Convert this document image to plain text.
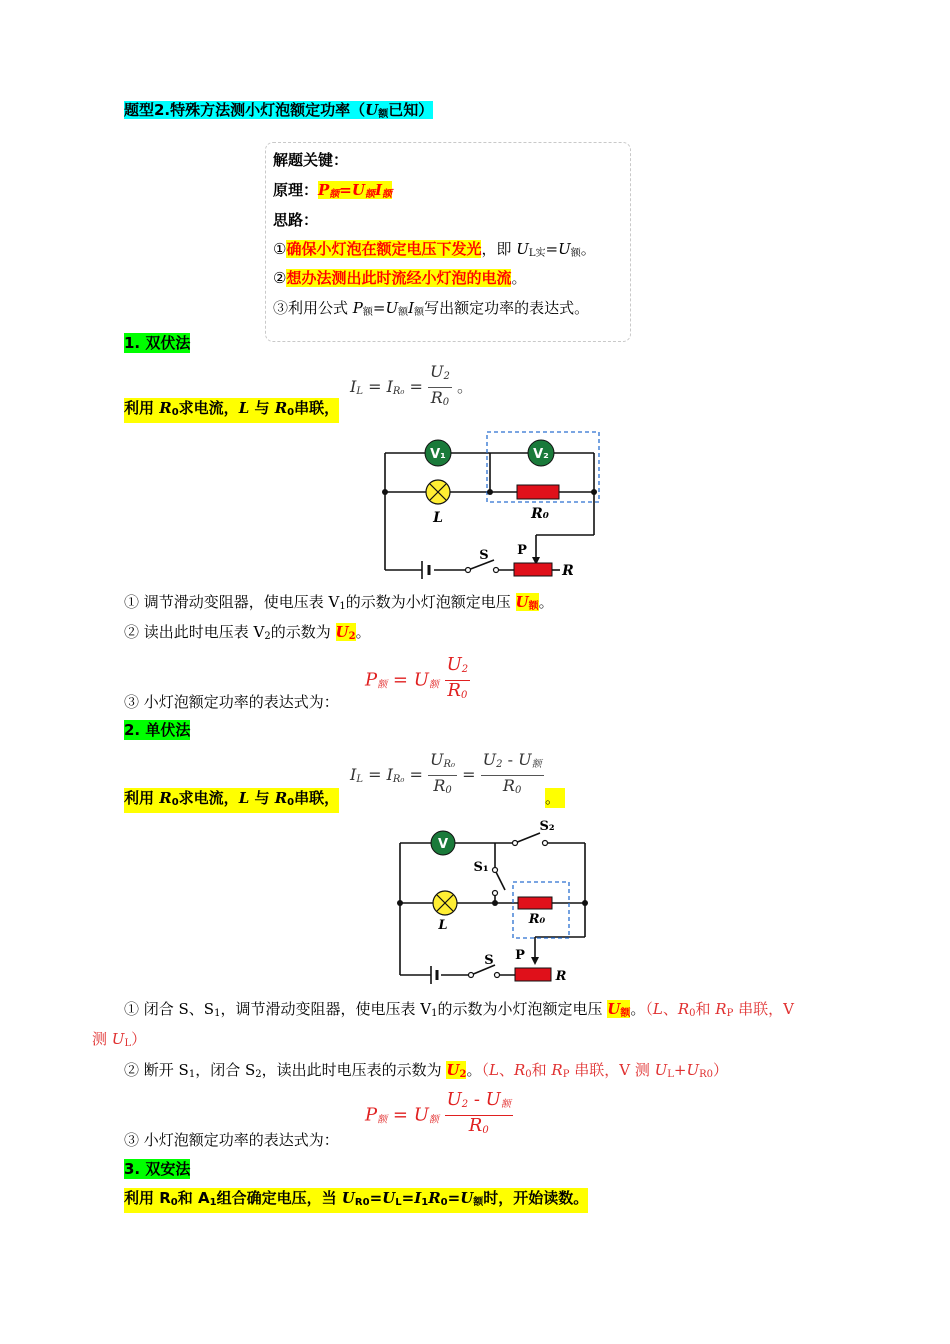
题型2.特殊方法测小灯泡额定功率（$U_额$已知）
解题关键：
原理：$P_额=U_额I_额$
思路：
①确保小灯泡在额定电压下发光，即 $U_{L实}=U_额$。
②想办法测出此时流经小灯泡的电流。
③利用公式 $P_额=U_额I_额$写出额定功率的表达式。
1. 双伏法
$I_L = I_{R_0} = \frac{U_2}{R_0}$ 。
利用 $R_0$求电流，L 与 $R_0$串联，
V₁	V₂
L	R₀
S P
R
① 调节滑动变阻器，使电压表 $V_1$的示数为小灯泡额定电压 $U_额$。
② 读出此时电压表 $V_2$的示数为 $U_2$。
$P_额 = U_额 \frac{U_2}{R_0}$
③ 小灯泡额定功率的表达式为：
2. 单伏法
$I_L = I_{R_0} = \frac{U_{R_0}}{R_0} = \frac{U_2 - U_额}{R_0}$
利用 $R_0$求电流，L 与 $R_0$串联，	。
V
S₂
S₁
L	R₀
S P
R
① 闭合 S、$S_1$，调节滑动变阻器，使电压表 $V_1$的示数为小灯泡额定电压 $U_额$。（L、$R_0$和 $R_P$ 串联，V
测 $U_L$）
② 断开 $S_1$，闭合 $S_2$，读出此时电压表的示数为 $U_2$。（L、$R_0$和 $R_P$ 串联，V 测 $U_L+U_{R0}$）
$P_额 = U_额 \frac{U_2 - U_额}{R_0}$
③ 小灯泡额定功率的表达式为：
3. 双安法
利用 $R_0$和 $A_1$组合确定电压，当 $U_{R0}=U_L=I_1R_0=U_额$时，开始读数。
